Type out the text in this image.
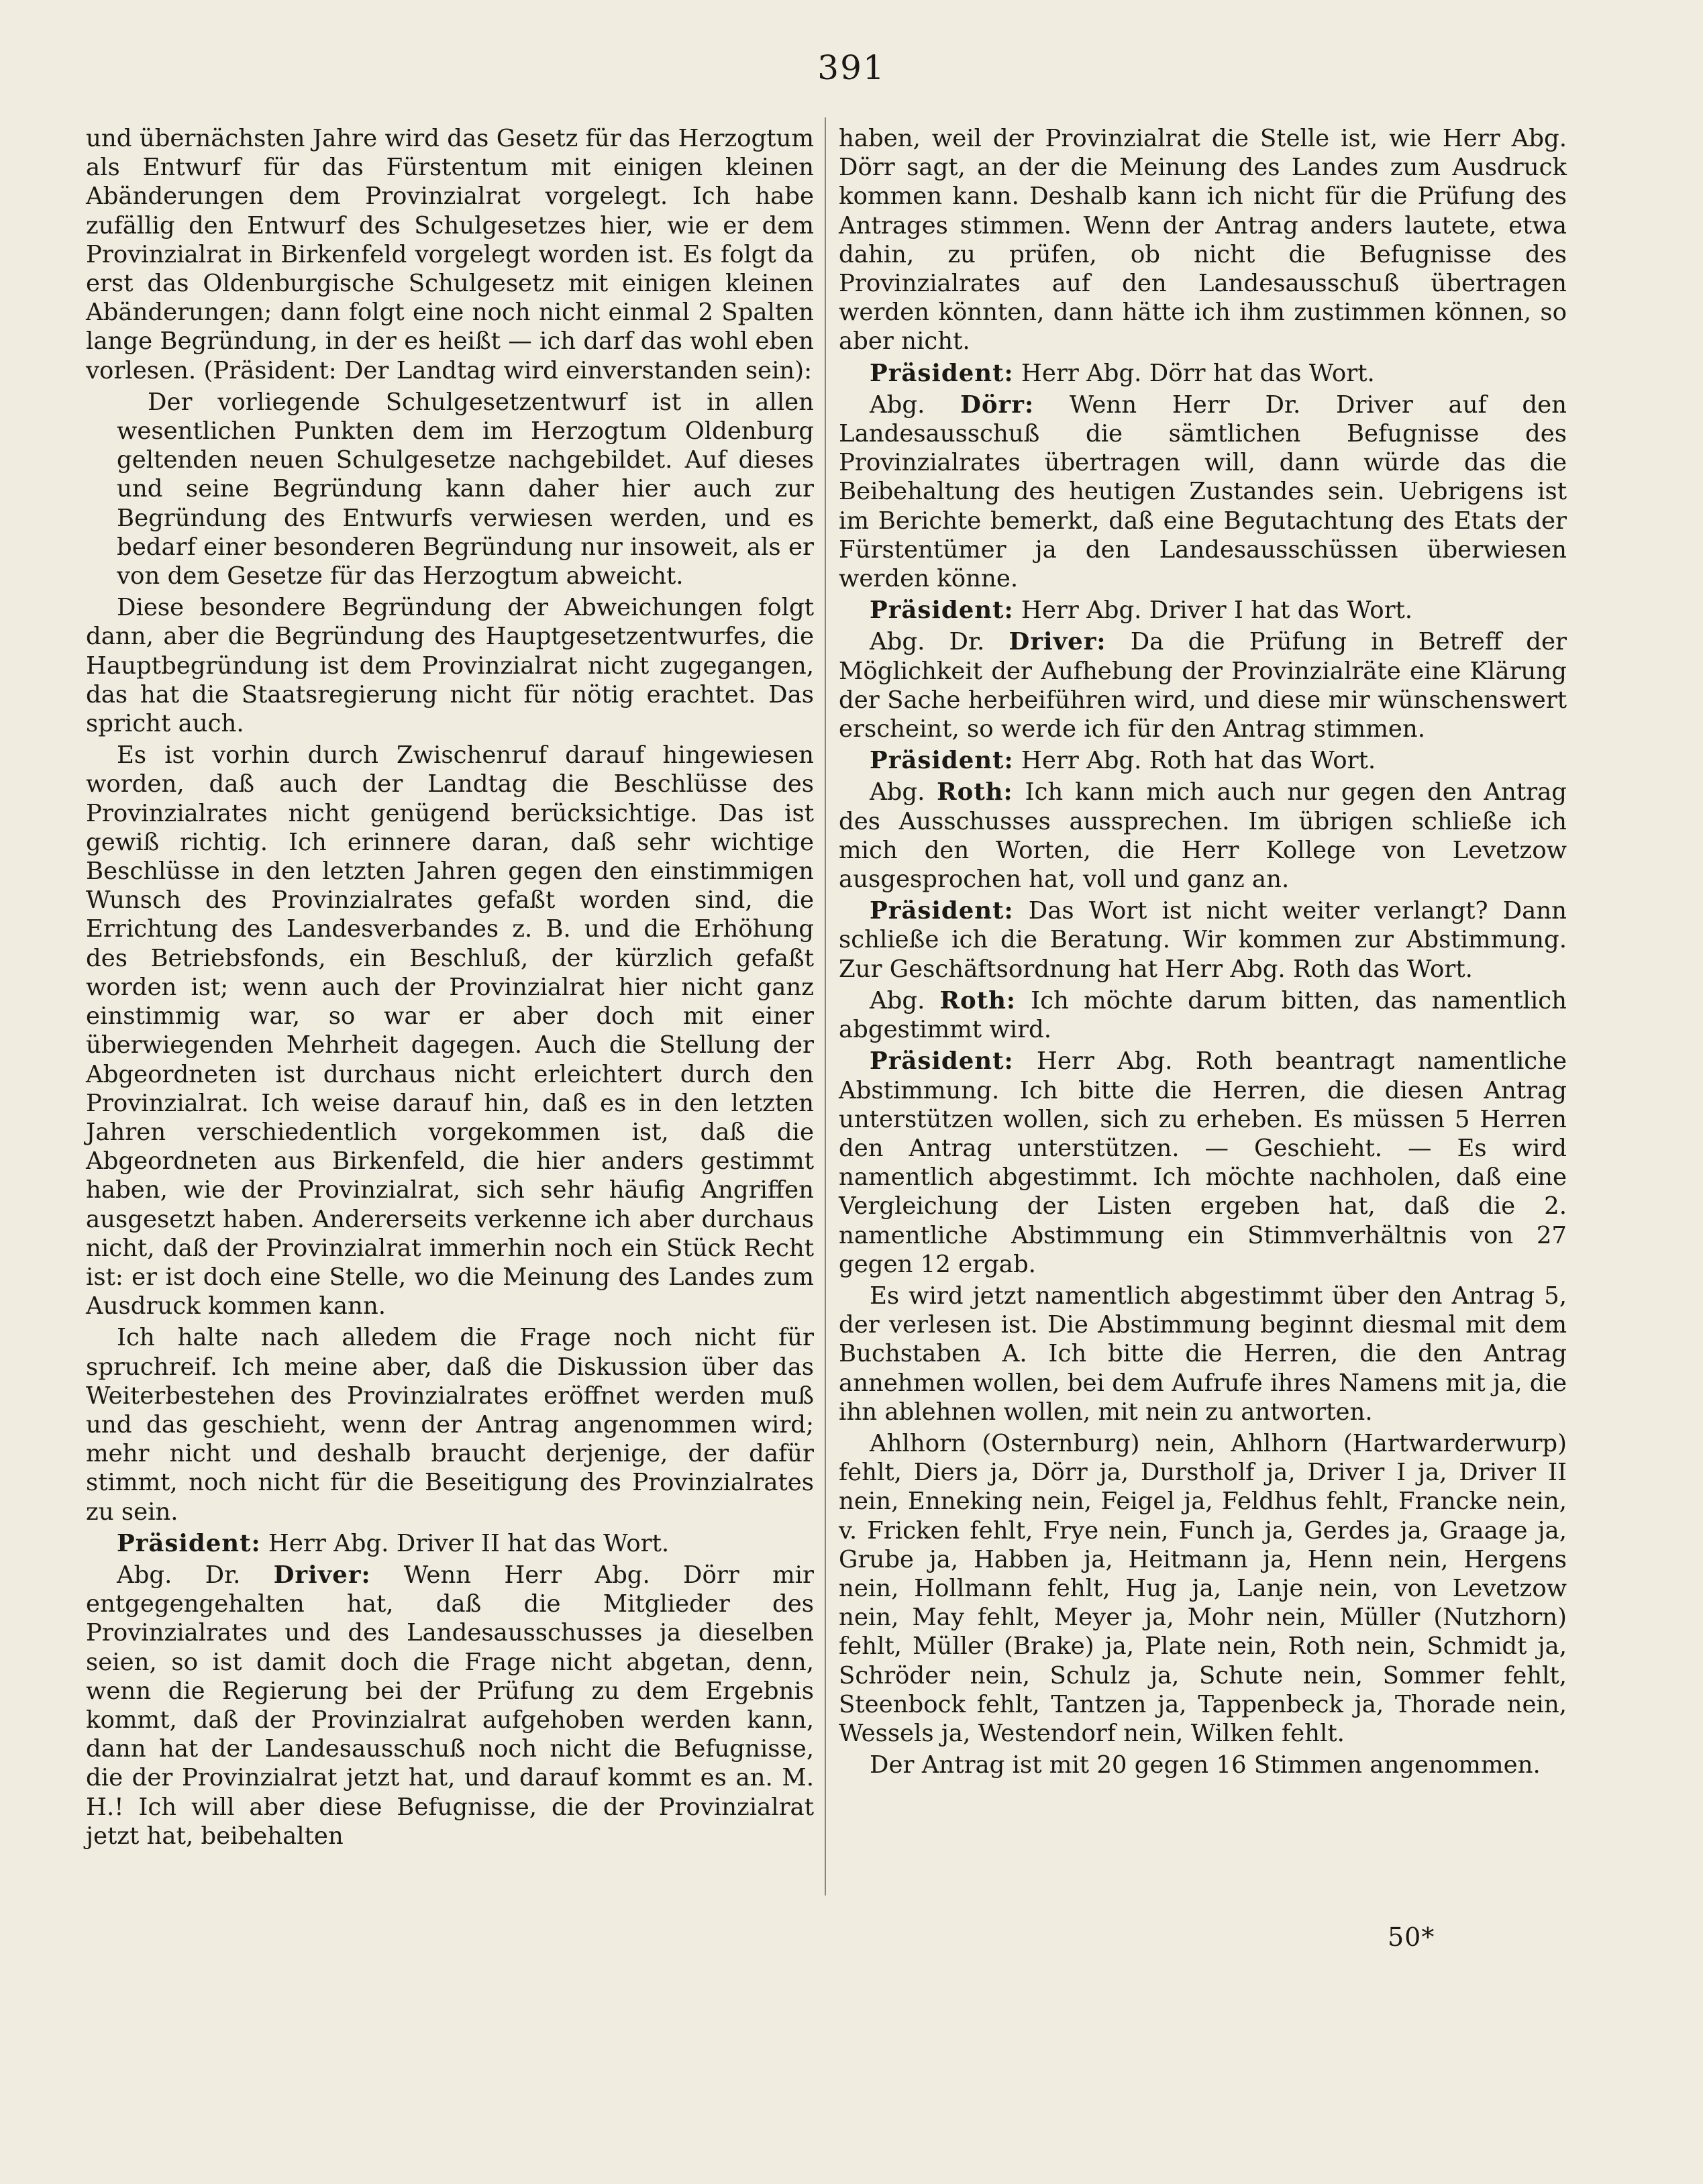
391

und übernächsten Jahre wird das Gesetz für das Herzogtum als Entwurf für das Fürstentum mit einigen kleinen Abänderungen dem Provinzialrat vorgelegt. Ich habe zufällig den Entwurf des Schulgesetzes hier, wie er dem Provinzialrat in Birkenfeld vorgelegt worden ist. Es folgt da erst das Oldenburgische Schulgesetz mit einigen kleinen Abänderungen; dann folgt eine noch nicht einmal 2 Spalten lange Begründung, in der es heißt — ich darf das wohl eben vorlesen. (Präsident: Der Landtag wird einverstanden sein):

Der vorliegende Schulgesetzentwurf ist in allen wesentlichen Punkten dem im Herzogtum Oldenburg geltenden neuen Schulgesetze nachgebildet. Auf dieses und seine Begründung kann daher hier auch zur Begründung des Entwurfs verwiesen werden, und es bedarf einer besonderen Begründung nur insoweit, als er von dem Gesetze für das Herzogtum abweicht.

Diese besondere Begründung der Abweichungen folgt dann, aber die Begründung des Hauptgesetzentwurfes, die Hauptbegründung ist dem Provinzialrat nicht zugegangen, das hat die Staatsregierung nicht für nötig erachtet. Das spricht auch.

Es ist vorhin durch Zwischenruf darauf hingewiesen worden, daß auch der Landtag die Beschlüsse des Provinzialrates nicht genügend berücksichtige. Das ist gewiß richtig. Ich erinnere daran, daß sehr wichtige Beschlüsse in den letzten Jahren gegen den einstimmigen Wunsch des Provinzialrates gefaßt worden sind, die Errichtung des Landesverbandes z. B. und die Erhöhung des Betriebsfonds, ein Beschluß, der kürzlich gefaßt worden ist; wenn auch der Provinzialrat hier nicht ganz einstimmig war, so war er aber doch mit einer überwiegenden Mehrheit dagegen. Auch die Stellung der Abgeordneten ist durchaus nicht erleichtert durch den Provinzialrat. Ich weise darauf hin, daß es in den letzten Jahren verschiedentlich vorgekommen ist, daß die Abgeordneten aus Birkenfeld, die hier anders gestimmt haben, wie der Provinzialrat, sich sehr häufig Angriffen ausgesetzt haben. Andererseits verkenne ich aber durchaus nicht, daß der Provinzialrat immerhin noch ein Stück Recht ist: er ist doch eine Stelle, wo die Meinung des Landes zum Ausdruck kommen kann.

Ich halte nach alledem die Frage noch nicht für spruchreif. Ich meine aber, daß die Diskussion über das Weiterbestehen des Provinzialrates eröffnet werden muß und das geschieht, wenn der Antrag angenommen wird; mehr nicht und deshalb braucht derjenige, der dafür stimmt, noch nicht für die Beseitigung des Provinzialrates zu sein.

Präsident: Herr Abg. Driver II hat das Wort.

Abg. Dr. Driver: Wenn Herr Abg. Dörr mir entgegengehalten hat, daß die Mitglieder des Provinzialrates und des Landesausschusses ja dieselben seien, so ist damit doch die Frage nicht abgetan, denn, wenn die Regierung bei der Prüfung zu dem Ergebnis kommt, daß der Provinzialrat aufgehoben werden kann, dann hat der Landesausschuß noch nicht die Befugnisse, die der Provinzialrat jetzt hat, und darauf kommt es an. M. H.! Ich will aber diese Befugnisse, die der Provinzialrat jetzt hat, beibehalten

haben, weil der Provinzialrat die Stelle ist, wie Herr Abg. Dörr sagt, an der die Meinung des Landes zum Ausdruck kommen kann. Deshalb kann ich nicht für die Prüfung des Antrages stimmen. Wenn der Antrag anders lautete, etwa dahin, zu prüfen, ob nicht die Befugnisse des Provinzialrates auf den Landesausschuß übertragen werden könnten, dann hätte ich ihm zustimmen können, so aber nicht.

Präsident: Herr Abg. Dörr hat das Wort.

Abg. Dörr: Wenn Herr Dr. Driver auf den Landesausschuß die sämtlichen Befugnisse des Provinzialrates übertragen will, dann würde das die Beibehaltung des heutigen Zustandes sein. Uebrigens ist im Berichte bemerkt, daß eine Begutachtung des Etats der Fürstentümer ja den Landesausschüssen überwiesen werden könne.

Präsident: Herr Abg. Driver I hat das Wort.

Abg. Dr. Driver: Da die Prüfung in Betreff der Möglichkeit der Aufhebung der Provinzialräte eine Klärung der Sache herbeiführen wird, und diese mir wünschenswert erscheint, so werde ich für den Antrag stimmen.

Präsident: Herr Abg. Roth hat das Wort.

Abg. Roth: Ich kann mich auch nur gegen den Antrag des Ausschusses aussprechen. Im übrigen schließe ich mich den Worten, die Herr Kollege von Levetzow ausgesprochen hat, voll und ganz an.

Präsident: Das Wort ist nicht weiter verlangt? Dann schließe ich die Beratung. Wir kommen zur Abstimmung. Zur Geschäftsordnung hat Herr Abg. Roth das Wort.

Abg. Roth: Ich möchte darum bitten, das namentlich abgestimmt wird.

Präsident: Herr Abg. Roth beantragt namentliche Abstimmung. Ich bitte die Herren, die diesen Antrag unterstützen wollen, sich zu erheben. Es müssen 5 Herren den Antrag unterstützen. — Geschieht. — Es wird namentlich abgestimmt. Ich möchte nachholen, daß eine Vergleichung der Listen ergeben hat, daß die 2. namentliche Abstimmung ein Stimmverhältnis von 27 gegen 12 ergab.

Es wird jetzt namentlich abgestimmt über den Antrag 5, der verlesen ist. Die Abstimmung beginnt diesmal mit dem Buchstaben A. Ich bitte die Herren, die den Antrag annehmen wollen, bei dem Aufrufe ihres Namens mit ja, die ihn ablehnen wollen, mit nein zu antworten.

Ahlhorn (Osternburg) nein, Ahlhorn (Hartwarderwurp) fehlt, Diers ja, Dörr ja, Durstholf ja, Driver I ja, Driver II nein, Enneking nein, Feigel ja, Feldhus fehlt, Francke nein, v. Fricken fehlt, Frye nein, Funch ja, Gerdes ja, Graage ja, Grube ja, Habben ja, Heitmann ja, Henn nein, Hergens nein, Hollmann fehlt, Hug ja, Lanje nein, von Levetzow nein, May fehlt, Meyer ja, Mohr nein, Müller (Nutzhorn) fehlt, Müller (Brake) ja, Plate nein, Roth nein, Schmidt ja, Schröder nein, Schulz ja, Schute nein, Sommer fehlt, Steenbock fehlt, Tantzen ja, Tappenbeck ja, Thorade nein, Wessels ja, Westendorf nein, Wilken fehlt.

Der Antrag ist mit 20 gegen 16 Stimmen angenommen.

50*
